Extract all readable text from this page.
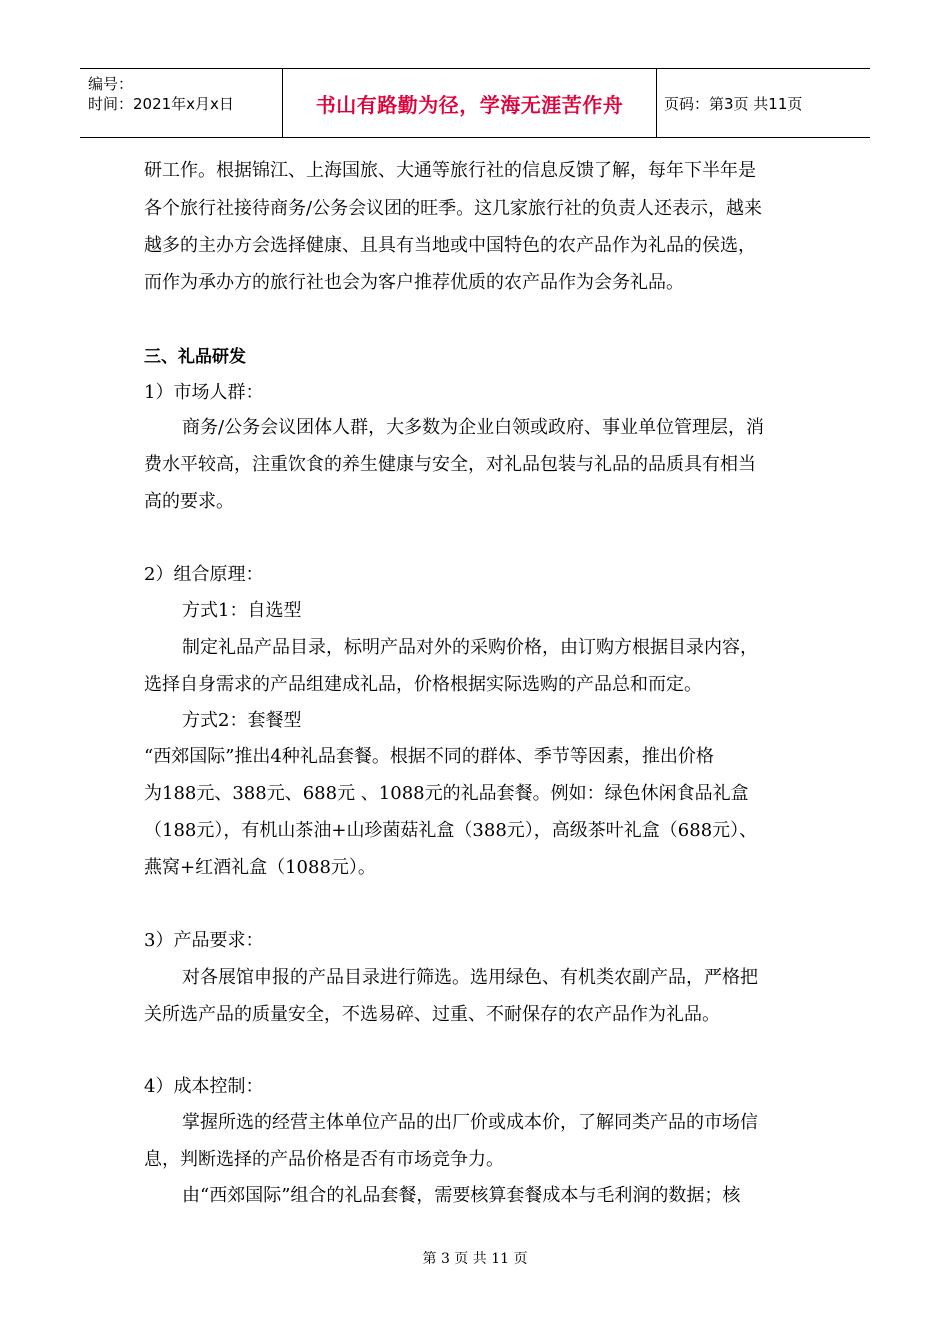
编号：
时间：2021年x月x日	书山有路勤为径，学海无涯苦作舟	页码：第3页 共11页
研工作。根据锦江、上海国旅、大通等旅行社的信息反馈了解，每年下半年是
各个旅行社接待商务/公务会议团的旺季。这几家旅行社的负责人还表示，越来
越多的主办方会选择健康、且具有当地或中国特色的农产品作为礼品的侯选，
而作为承办方的旅行社也会为客户推荐优质的农产品作为会务礼品。
三、礼品研发
1）市场人群：
商务/公务会议团体人群，大多数为企业白领或政府、事业单位管理层，消
费水平较高，注重饮食的养生健康与安全，对礼品包装与礼品的品质具有相当
高的要求。
2）组合原理：
方式1：自选型
制定礼品产品目录，标明产品对外的采购价格，由订购方根据目录内容，
选择自身需求的产品组建成礼品，价格根据实际选购的产品总和而定。
方式2：套餐型
“西郊国际”推出4种礼品套餐。根据不同的群体、季节等因素，推出价格
为188元、388元、688元 、1088元的礼品套餐。例如：绿色休闲食品礼盒
（188元），有机山茶油+山珍菌菇礼盒（388元），高级茶叶礼盒（688元）、
燕窝+红酒礼盒（1088元）。
3）产品要求：
对各展馆申报的产品目录进行筛选。选用绿色、有机类农副产品，严格把
关所选产品的质量安全，不选易碎、过重、不耐保存的农产品作为礼品。
4）成本控制：
掌握所选的经营主体单位产品的出厂价或成本价，了解同类产品的市场信
息，判断选择的产品价格是否有市场竞争力。
由“西郊国际”组合的礼品套餐，需要核算套餐成本与毛利润的数据；核
第 3 页 共 11 页
